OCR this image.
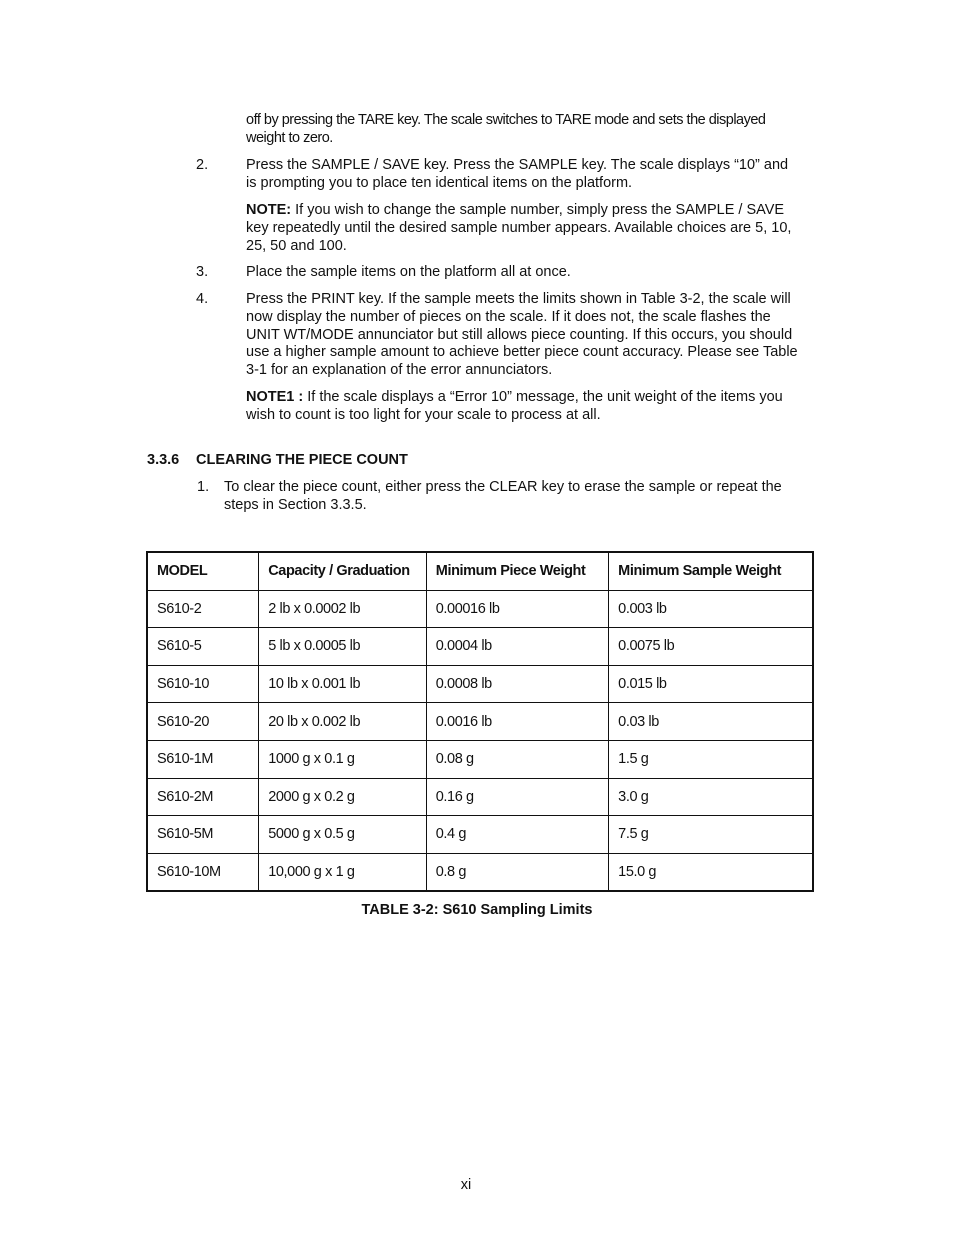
off by pressing the TARE key. The scale switches to TARE mode and sets the displayed
weight to zero.
2.	Press the SAMPLE / SAVE key. Press the SAMPLE key. The scale displays “10” and
is prompting you to place ten identical items on the platform.
NOTE: If you wish to change the sample number, simply press the SAMPLE / SAVE
key repeatedly until the desired sample number appears. Available choices are 5, 10,
25, 50 and 100.
3.	Place the sample items on the platform all at once.
4.	Press the PRINT key. If the sample meets the limits shown in Table 3-2, the scale will
now display the number of pieces on the scale. If it does not, the scale flashes the
UNIT WT/MODE annunciator but still allows piece counting. If this occurs, you should
use a higher sample amount to achieve better piece count accuracy. Please see Table
3-1 for an explanation of the error annunciators.
NOTE1 : If the scale displays a “Error 10” message, the unit weight of the items you
wish to count is too light for your scale to process at all.
3.3.6 CLEARING THE PIECE COUNT
1. To clear the piece count, either press the CLEAR key to erase the sample or repeat the
steps in Section 3.3.5.
MODEL	Capacity / Graduation	Minimum Piece Weight	Minimum Sample Weight
S610-2	2 lb x 0.0002 lb	0.00016 lb	0.003 lb
S610-5	5 lb x 0.0005 lb	0.0004 lb	0.0075 lb
S610-10	10 lb x 0.001 lb	0.0008 lb	0.015 lb
S610-20	20 lb x 0.002 lb	0.0016 lb	0.03 lb
S610-1M	1000 g x 0.1 g	0.08 g	1.5 g
S610-2M	2000 g x 0.2 g	0.16 g	3.0 g
S610-5M	5000 g x 0.5 g	0.4 g	7.5 g
S610-10M	10,000 g x 1 g	0.8 g	15.0 g
TABLE 3-2: S610 Sampling Limits
xi
